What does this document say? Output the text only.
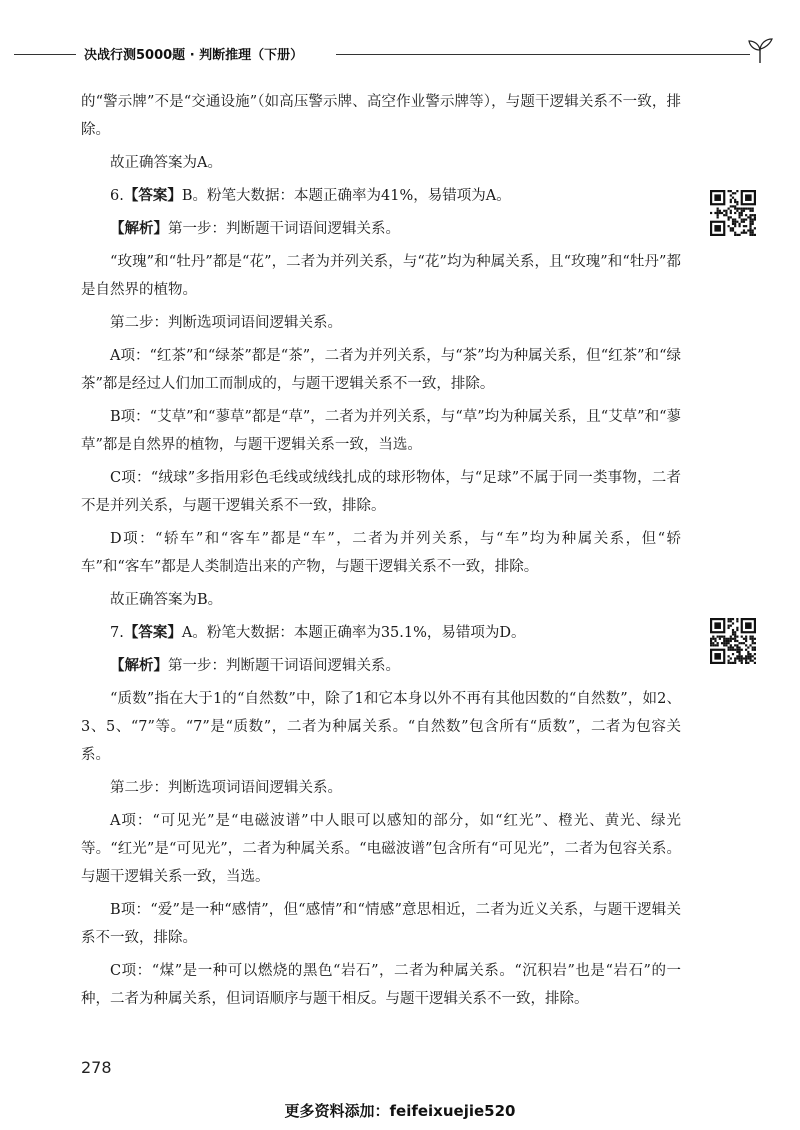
决战行测5000题 · 判断推理（下册）

的“警示牌”不是“交通设施”（如高压警示牌、高空作业警示牌等），与题干逻辑关系不一致，排除。

故正确答案为A。

6.【答案】B。粉笔大数据：本题正确率为41%，易错项为A。

【解析】第一步：判断题干词语间逻辑关系。

“玫瑰”和“牡丹”都是“花”，二者为并列关系，与“花”均为种属关系，且“玫瑰”和“牡丹”都是自然界的植物。

第二步：判断选项词语间逻辑关系。

A项：“红茶”和“绿茶”都是“茶”，二者为并列关系，与“茶”均为种属关系，但“红茶”和“绿茶”都是经过人们加工而制成的，与题干逻辑关系不一致，排除。

B项：“艾草”和“蓼草”都是“草”，二者为并列关系，与“草”均为种属关系，且“艾草”和“蓼草”都是自然界的植物，与题干逻辑关系一致，当选。

C项：“绒球”多指用彩色毛线或绒线扎成的球形物体，与“足球”不属于同一类事物，二者不是并列关系，与题干逻辑关系不一致，排除。

D项：“轿车”和“客车”都是“车”，二者为并列关系，与“车”均为种属关系，但“轿车”和“客车”都是人类制造出来的产物，与题干逻辑关系不一致，排除。

故正确答案为B。

7.【答案】A。粉笔大数据：本题正确率为35.1%，易错项为D。

【解析】第一步：判断题干词语间逻辑关系。

“质数”指在大于1的“自然数”中，除了1和它本身以外不再有其他因数的“自然数”，如2、3、5、“7”等。“7”是“质数”，二者为种属关系。“自然数”包含所有“质数”，二者为包容关系。

第二步：判断选项词语间逻辑关系。

A项：“可见光”是“电磁波谱”中人眼可以感知的部分，如“红光”、橙光、黄光、绿光等。“红光”是“可见光”，二者为种属关系。“电磁波谱”包含所有“可见光”，二者为包容关系。与题干逻辑关系一致，当选。

B项：“爱”是一种“感情”，但“感情”和“情感”意思相近，二者为近义关系，与题干逻辑关系不一致，排除。

C项：“煤”是一种可以燃烧的黑色“岩石”，二者为种属关系。“沉积岩”也是“岩石”的一种，二者为种属关系，但词语顺序与题干相反。与题干逻辑关系不一致，排除。

278
更多资料添加：feifeixuejie520
